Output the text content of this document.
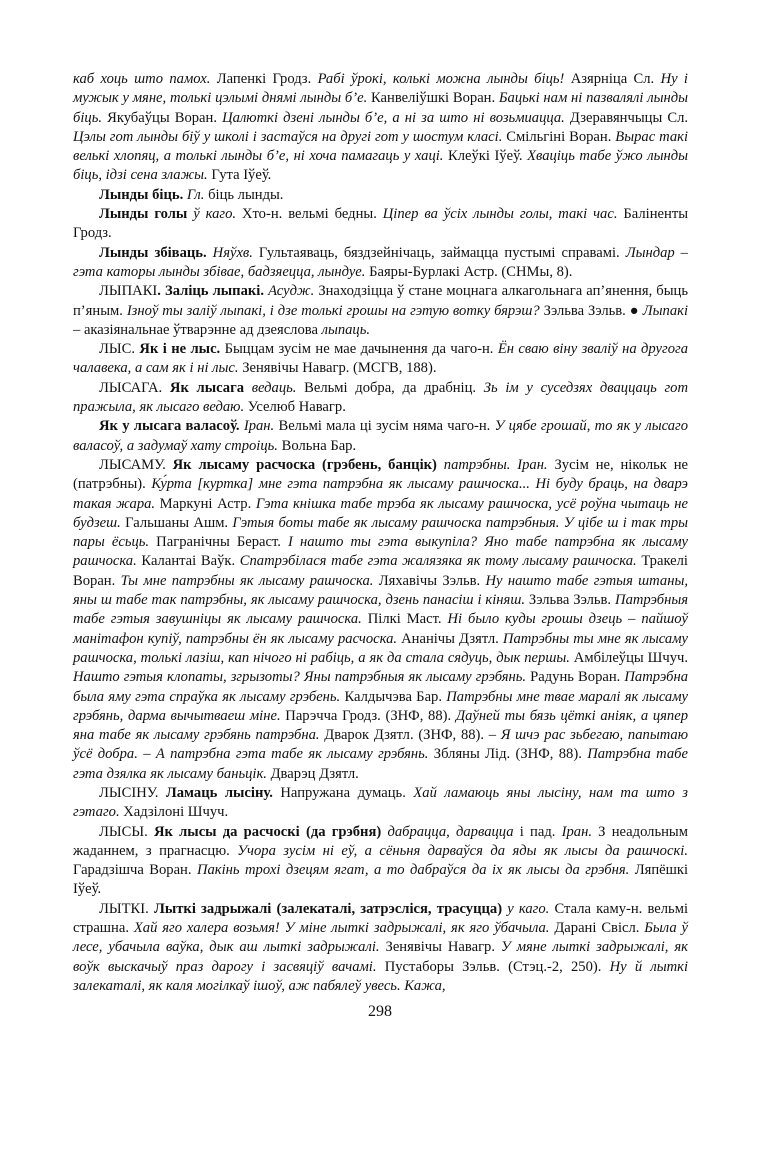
каб хоць што памох. Лапенкі Гродз. Рабі ўрокі, колькі можна лынды біць! Азярніца Сл. Ну і мужык у мяне, толькі цэлымі днямі лынды б’е. Канвеліўшкі Воран. Бацькі нам ні пазвалялі лынды біць. Якубаўцы Воран. Цалюткі дзені лынды б’е, а ні за што ні возьмиацца. Дзеравянчыцы Сл. Цэлы гот лынды біў у школі і застаўся на другі гот у шостум класі. Смільгіні Воран. Вырас такі велькі хлопяц, а толькі лынды б’е, ні хоча памагаць у хаці. Клеўкі Іўеў. Хваціць табе ўжо лынды біць, ідзі сена злажы. Гута Іўеў.

Лынды біць. Гл. біць лынды.

Лынды голы ў каго. Хто-н. вельмі бедны. Ціпер ва ўсіх лынды голы, такі час. Баліненты Гродз.

Лынды збіваць. Няўхв. Гультаяваць, бяздзейнічаць, займацца пустымі справамі. Лындар – гэта каторы лынды збівае, бадзяецца, лындуе. Баяры-Бурлакі Астр. (СНМы, 8).

ЛЫПАКІ. Заліць лыпакі. Асудж. Знаходзіцца ў стане моцнага алкагольнага ап’янення, быць п’яным. Ізноў ты заліў лыпакі, і дзе толькі грошы на гэтую вотку бярэш? Зэльва Зэльв. ● Лыпакі – аказіянальнае ўтварэнне ад дзеяслова лыпаць.

ЛЫС. Як і не лыс. Быццам зусім не мае дачынення да чаго-н. Ён сваю віну зваліў на другога чалавека, а сам як і ні лыс. Зенявічы Навагр. (МСГВ, 188).

ЛЫСАГА. Як лысага ведаць. Вельмі добра, да драбніц. Зь ім у суседзях дваццаць гот пражыла, як лысаго ведаю. Уселюб Навагр.

Як у лысага валасоў. Іран. Вельмі мала ці зусім няма чаго-н. У цябе грошай, то як у лысаго валасоў, а задумаў хату строіць. Вольна Бар.

ЛЫСАМУ. Як лысаму расчоска (грэбень, банцік) патрэбны. Іран. Зусім не, нікольк не (патрэбны). Ку́рта [куртка] мне гэта патрэбна як лысаму рашчоска... Ні буду браць, на дварэ такая жара. Маркуні Астр. Гэта кнішка табе трэба як лысаму рашчоска, усё роўна чытаць не будзеш. Гальшаны Ашм. Гэтыя боты табе як лысаму рашчоска патрэбныя. У цібе ш і так тры пары ёсьць. Пагранічны Бераст. І нашто ты гэта выкупіла? Яно табе патрэбна як лысаму рашчоска. Калантаі Ваўк. Спатрэбілася табе гэта жалязяка як тому лысаму рашчоска. Тракелі Воран. Ты мне патрэбны як лысаму рашчоска. Ляхавічы Зэльв. Ну нашто табе гэтыя штаны, яны ш табе так патрэбны, як лысаму рашчоска, дзень панасіш і кіняш. Зэльва Зэльв. Патрэбныя табе гэтыя завушніцы як лысаму рашчоска. Пілкі Маст. Ні было куды грошы дзець – пайшоў манітафон купіў, патрэбны ён як лысаму расчоска. Ананічы Дзятл. Патрэбны ты мне як лысаму рашчоска, толькі лазіш, кап нічого ні рабіць, а як да стала сядуць, дык першы. Амбілеўцы Шчуч. Нашто гэтыя клопаты, згрызоты? Яны патрэбныя як лысаму грэбянь. Радунь Воран. Патрэбна была яму гэта спраўка як лысаму грэбень. Калдычэва Бар. Патрэбны мне твае маралі як лысаму грэбянь, дарма вычытваеш міне. Парэчча Гродз. (ЗНФ, 88). Даўней ты бязь цёткі аніяк, а цяпер яна табе як лысаму грэбянь патрэбна. Дварок Дзятл. (ЗНФ, 88). – Я шчэ рас зьбегаю, папытаю ўсё добра. – А патрэбна гэта табе як лысаму грэбянь. Збляны Лід. (ЗНФ, 88). Патрэбна табе гэта дзялка як лысаму баньцік. Дварэц Дзятл.

ЛЫСІНУ. Ламаць лысіну. Напружана думаць. Хай ламаюць яны лысіну, нам та што з гэтаго. Хадзілоні Шчуч.

ЛЫСЫ. Як лысы да расчоскі (да грэбня) дабрацца, дарвацца і пад. Іран. З неадольным жаданнем, з прагнасцю. Учора зусім ні еў, а сёньня дарваўся да яды як лысы да рашчоскі. Гарадзішча Воран. Пакінь трохі дзецям ягат, а то дабраўся да іх як лысы да грэбня. Ляпёшкі Іўеў.

ЛЫТКІ. Лыткі задрыжалі (залекаталі, затрэсліся, трасуцца) у каго. Стала каму-н. вельмі страшна. Хай яго халера возьмя! У міне лыткі задрыжалі, як яго ўбачыла. Дарані Свісл. Была ў лесе, убачыла ваўка, дык аш лыткі задрыжалі. Зенявічы Навагр. У мяне лыткі задрыжалі, як воўк выскачыў праз дарогу і засвяціў вачамі. Пустаборы Зэльв. (Стэц.-2, 250). Ну й лыткі залекаталі, як каля могілкаў ішоў, аж пабялеў увесь. Кажа,

298
